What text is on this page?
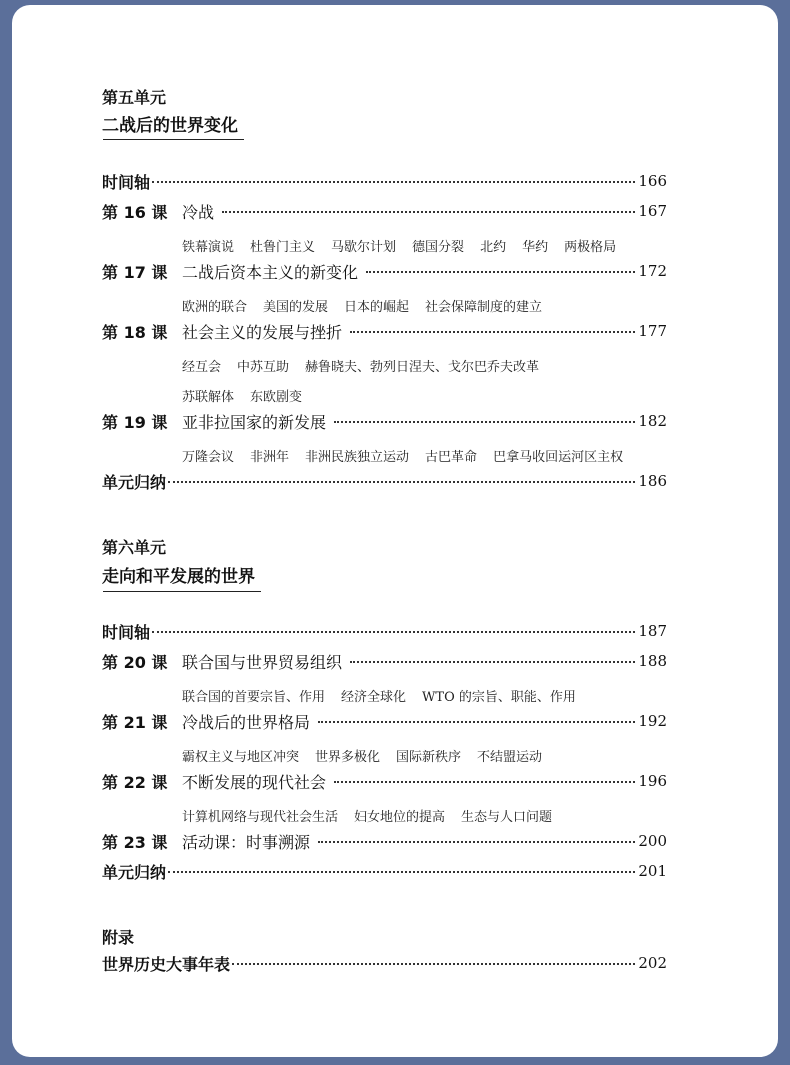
第五单元
二战后的世界变化
时间轴	166
第 16 课 冷战	167
铁幕演说 杜鲁门主义 马歇尔计划 德国分裂 北约 华约 两极格局
第 17 课 二战后资本主义的新变化	172
欧洲的联合 美国的发展 日本的崛起 社会保障制度的建立
第 18 课 社会主义的发展与挫折	177
经互会 中苏互助 赫鲁晓夫、勃列日涅夫、戈尔巴乔夫改革
苏联解体 东欧剧变
第 19 课 亚非拉国家的新发展	182
万隆会议 非洲年 非洲民族独立运动 古巴革命 巴拿马收回运河区主权
单元归纳	186
第六单元
走向和平发展的世界
时间轴	187
第 20 课 联合国与世界贸易组织	188
联合国的首要宗旨、作用 经济全球化 WTO 的宗旨、职能、作用
第 21 课 冷战后的世界格局	192
霸权主义与地区冲突 世界多极化 国际新秩序 不结盟运动
第 22 课 不断发展的现代社会	196
计算机网络与现代社会生活 妇女地位的提高 生态与人口问题
第 23 课 活动课：时事溯源	200
单元归纳	201
附录
世界历史大事年表	202
